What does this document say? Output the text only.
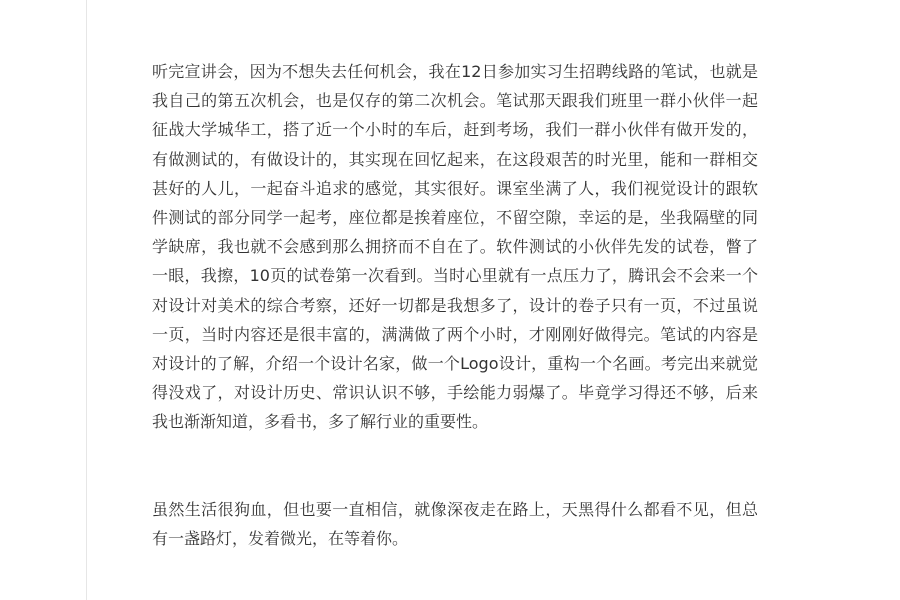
听完宣讲会，因为不想失去任何机会，我在12日参加实习生招聘线路的笔试，也就是我自己的第五次机会，也是仅存的第二次机会。笔试那天跟我们班里一群小伙伴一起征战大学城华工，搭了近一个小时的车后，赶到考场，我们一群小伙伴有做开发的，有做测试的，有做设计的，其实现在回忆起来，在这段艰苦的时光里，能和一群相交甚好的人儿，一起奋斗追求的感觉，其实很好。课室坐满了人，我们视觉设计的跟软件测试的部分同学一起考，座位都是挨着座位，不留空隙，幸运的是，坐我隔壁的同学缺席，我也就不会感到那么拥挤而不自在了。软件测试的小伙伴先发的试卷，瞥了一眼，我擦，10页的试卷第一次看到。当时心里就有一点压力了，腾讯会不会来一个对设计对美术的综合考察，还好一切都是我想多了，设计的卷子只有一页，不过虽说一页，当时内容还是很丰富的，满满做了两个小时，才刚刚好做得完。笔试的内容是对设计的了解，介绍一个设计名家，做一个Logo设计，重构一个名画。考完出来就觉得没戏了，对设计历史、常识认识不够，手绘能力弱爆了。毕竟学习得还不够，后来我也渐渐知道，多看书，多了解行业的重要性。

虽然生活很狗血，但也要一直相信，就像深夜走在路上，天黑得什么都看不见，但总有一盏路灯，发着微光，在等着你。
